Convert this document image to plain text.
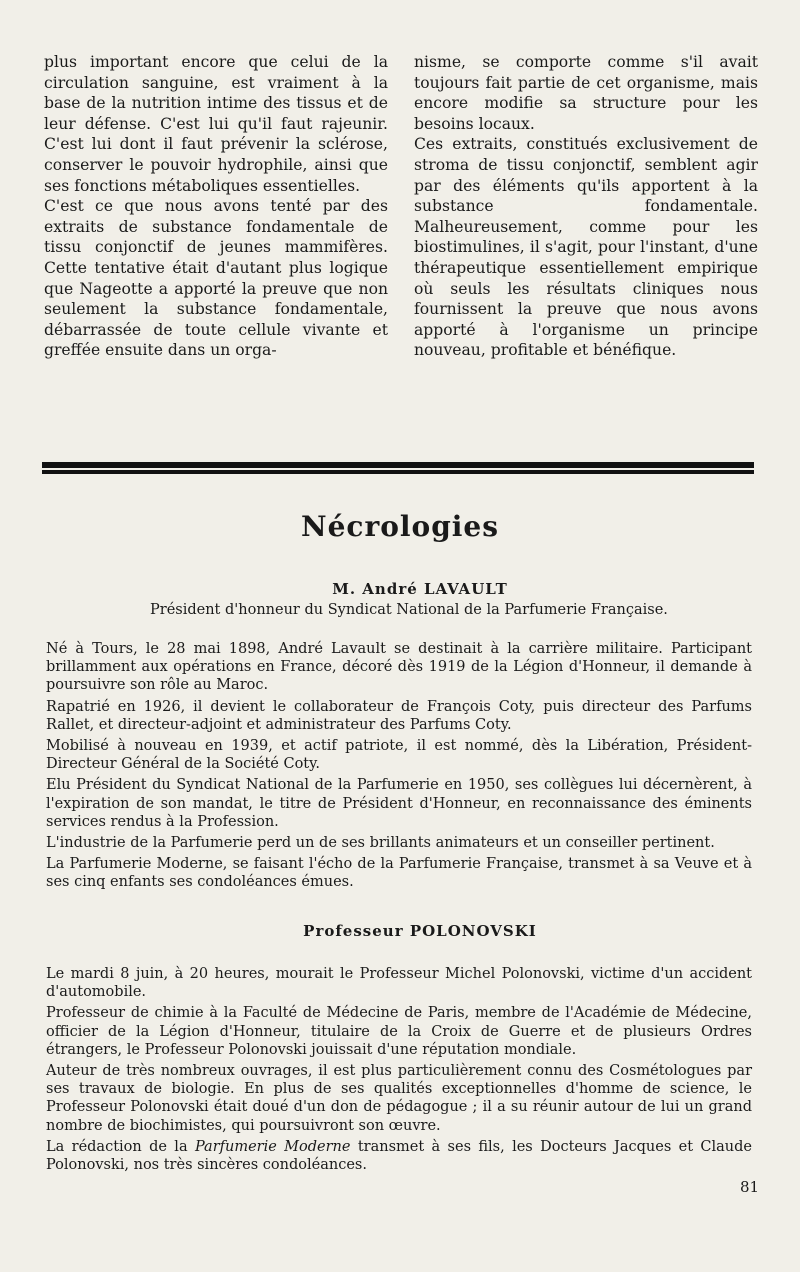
plus important encore que celui de la circulation sanguine, est vraiment à la base de la nutrition intime des tissus et de leur défense. C'est lui qu'il faut rajeunir. C'est lui dont il faut prévenir la sclérose, conserver le pouvoir hydrophile, ainsi que ses fonctions métaboliques essentielles.

C'est ce que nous avons tenté par des extraits de substance fondamentale de tissu conjonctif de jeunes mammifères. Cette tentative était d'autant plus logique que Nageotte a apporté la preuve que non seulement la substance fondamentale, débarrassée de toute cellule vivante et greffée ensuite dans un orga-

nisme, se comporte comme s'il avait toujours fait partie de cet organisme, mais encore modifie sa structure pour les besoins locaux.

Ces extraits, constitués exclusivement de stroma de tissu conjonctif, semblent agir par des éléments qu'ils apportent à la substance fondamentale. Malheureusement, comme pour les biostimulines, il s'agit, pour l'instant, d'une thérapeutique essentiellement empirique où seuls les résultats cliniques nous fournissent la preuve que nous avons apporté à l'organisme un principe nouveau, profitable et bénéfique.

Nécrologies
M. André LAVAULT
Président d'honneur du Syndicat National de la Parfumerie Française.

Né à Tours, le 28 mai 1898, André Lavault se destinait à la carrière militaire. Participant brillamment aux opérations en France, décoré dès 1919 de la Légion d'Honneur, il demande à poursuivre son rôle au Maroc.

Rapatrié en 1926, il devient le collaborateur de François Coty, puis directeur des Parfums Rallet, et directeur-adjoint et administrateur des Parfums Coty.

Mobilisé à nouveau en 1939, et actif patriote, il est nommé, dès la Libération, Président-Directeur Général de la Société Coty.

Elu Président du Syndicat National de la Parfumerie en 1950, ses collègues lui décernèrent, à l'expiration de son mandat, le titre de Président d'Honneur, en reconnaissance des éminents services rendus à la Profession.

L'industrie de la Parfumerie perd un de ses brillants animateurs et un conseiller pertinent.

La Parfumerie Moderne, se faisant l'écho de la Parfumerie Française, transmet à sa Veuve et à ses cinq enfants ses condoléances émues.

Professeur POLONOVSKI

Le mardi 8 juin, à 20 heures, mourait le Professeur Michel Polonovski, victime d'un accident d'automobile.

Professeur de chimie à la Faculté de Médecine de Paris, membre de l'Académie de Médecine, officier de la Légion d'Honneur, titulaire de la Croix de Guerre et de plusieurs Ordres étrangers, le Professeur Polonovski jouissait d'une réputation mondiale.

Auteur de très nombreux ouvrages, il est plus particulièrement connu des Cosmétologues par ses travaux de biologie. En plus de ses qualités exceptionnelles d'homme de science, le Professeur Polonovski était doué d'un don de pédagogue ; il a su réunir autour de lui un grand nombre de biochimistes, qui poursuivront son œuvre.

La rédaction de la Parfumerie Moderne transmet à ses fils, les Docteurs Jacques et Claude Polonovski, nos très sincères condoléances.

81
